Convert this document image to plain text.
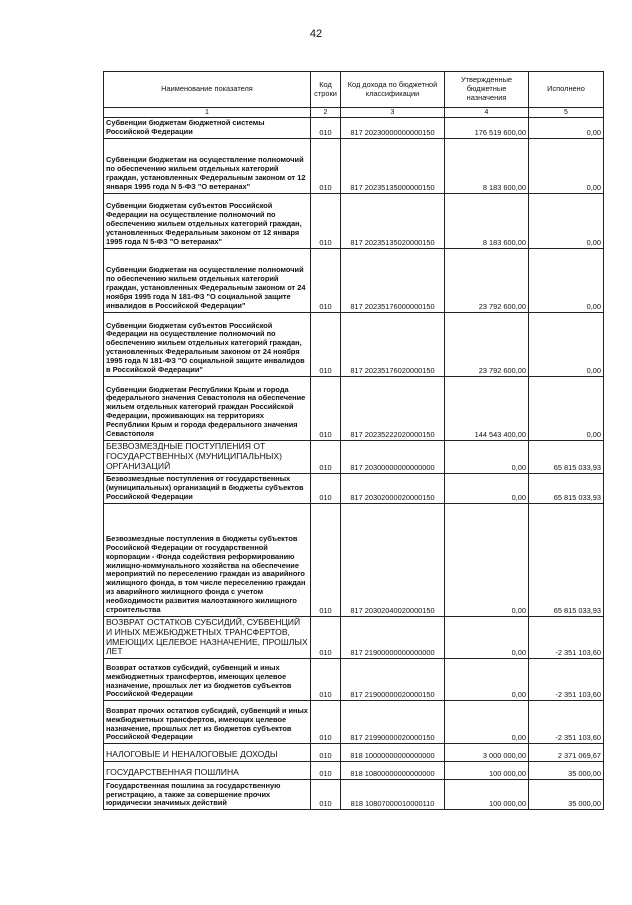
42
Наименование показателя	Код строки	Код дохода по бюджетной классификации	Утвержденные бюджетные назначения	Исполнено
1	2	3	4	5
Субвенции бюджетам бюджетной системы Российской Федерации	010	817 20230000000000150	176 519 600,00	0,00
Субвенции бюджетам на осуществление полномочий по обеспечению жильем отдельных категорий граждан, установленных Федеральным законом от 12 января 1995 года N 5-ФЗ "О ветеранах"	010	817 20235135000000150	8 183 600,00	0,00
Субвенции бюджетам субъектов Российской Федерации на осуществление полномочий по обеспечению жильем отдельных категорий граждан, установленных Федеральным законом от 12 января 1995 года N 5-ФЗ "О ветеранах"	010	817 20235135020000150	8 183 600,00	0,00
Субвенции бюджетам на осуществление полномочий по обеспечению жильем отдельных категорий граждан, установленных Федеральным законом от 24 ноября 1995 года N 181-ФЗ "О социальной защите инвалидов в Российской Федерации"	010	817 20235176000000150	23 792 600,00	0,00
Субвенции бюджетам субъектов Российской Федерации на осуществление полномочий по обеспечению жильем отдельных категорий граждан, установленных Федеральным законом от 24 ноября 1995 года N 181-ФЗ "О социальной защите инвалидов в Российской Федерации"	010	817 20235176020000150	23 792 600,00	0,00
Субвенции бюджетам Республики Крым и города федерального значения Севастополя на обеспечение жильем отдельных категорий граждан Российской Федерации, проживающих на территориях Республики Крым и города федерального значения Севастополя	010	817 20235222020000150	144 543 400,00	0,00
БЕЗВОЗМЕЗДНЫЕ ПОСТУПЛЕНИЯ ОТ ГОСУДАРСТВЕННЫХ (МУНИЦИПАЛЬНЫХ) ОРГАНИЗАЦИЙ	010	817 20300000000000000	0,00	65 815 033,93
Безвозмездные поступления от государственных (муниципальных) организаций в бюджеты субъектов Российской Федерации	010	817 20302000020000150	0,00	65 815 033,93
Безвозмездные поступления в бюджеты субъектов Российской Федерации от государственной корпорации - Фонда содействия реформированию жилищно-коммунального хозяйства на обеспечение мероприятий по переселению граждан из аварийного жилищного фонда, в том числе переселению граждан из аварийного жилищного фонда с учетом необходимости развития малоэтажного жилищного строительства	010	817 20302040020000150	0,00	65 815 033,93
ВОЗВРАТ ОСТАТКОВ СУБСИДИЙ, СУБВЕНЦИЙ И ИНЫХ МЕЖБЮДЖЕТНЫХ ТРАНСФЕРТОВ, ИМЕЮЩИХ ЦЕЛЕВОЕ НАЗНАЧЕНИЕ, ПРОШЛЫХ ЛЕТ	010	817 21900000000000000	0,00	-2 351 103,60
Возврат остатков субсидий, субвенций и иных межбюджетных трансфертов, имеющих целевое назначение, прошлых лет из бюджетов субъектов Российской Федерации	010	817 21900000020000150	0,00	-2 351 103,60
Возврат прочих остатков субсидий, субвенций и иных межбюджетных трансфертов, имеющих целевое назначение, прошлых лет из бюджетов субъектов Российской Федерации	010	817 21990000020000150	0,00	-2 351 103,60
НАЛОГОВЫЕ И НЕНАЛОГОВЫЕ ДОХОДЫ	010	818 10000000000000000	3 000 000,00	2 371 069,67
ГОСУДАРСТВЕННАЯ ПОШЛИНА	010	818 10800000000000000	100 000,00	35 000,00
Государственная пошлина за государственную регистрацию, а также за совершение прочих юридически значимых действий	010	818 10807000010000110	100 000,00	35 000,00
